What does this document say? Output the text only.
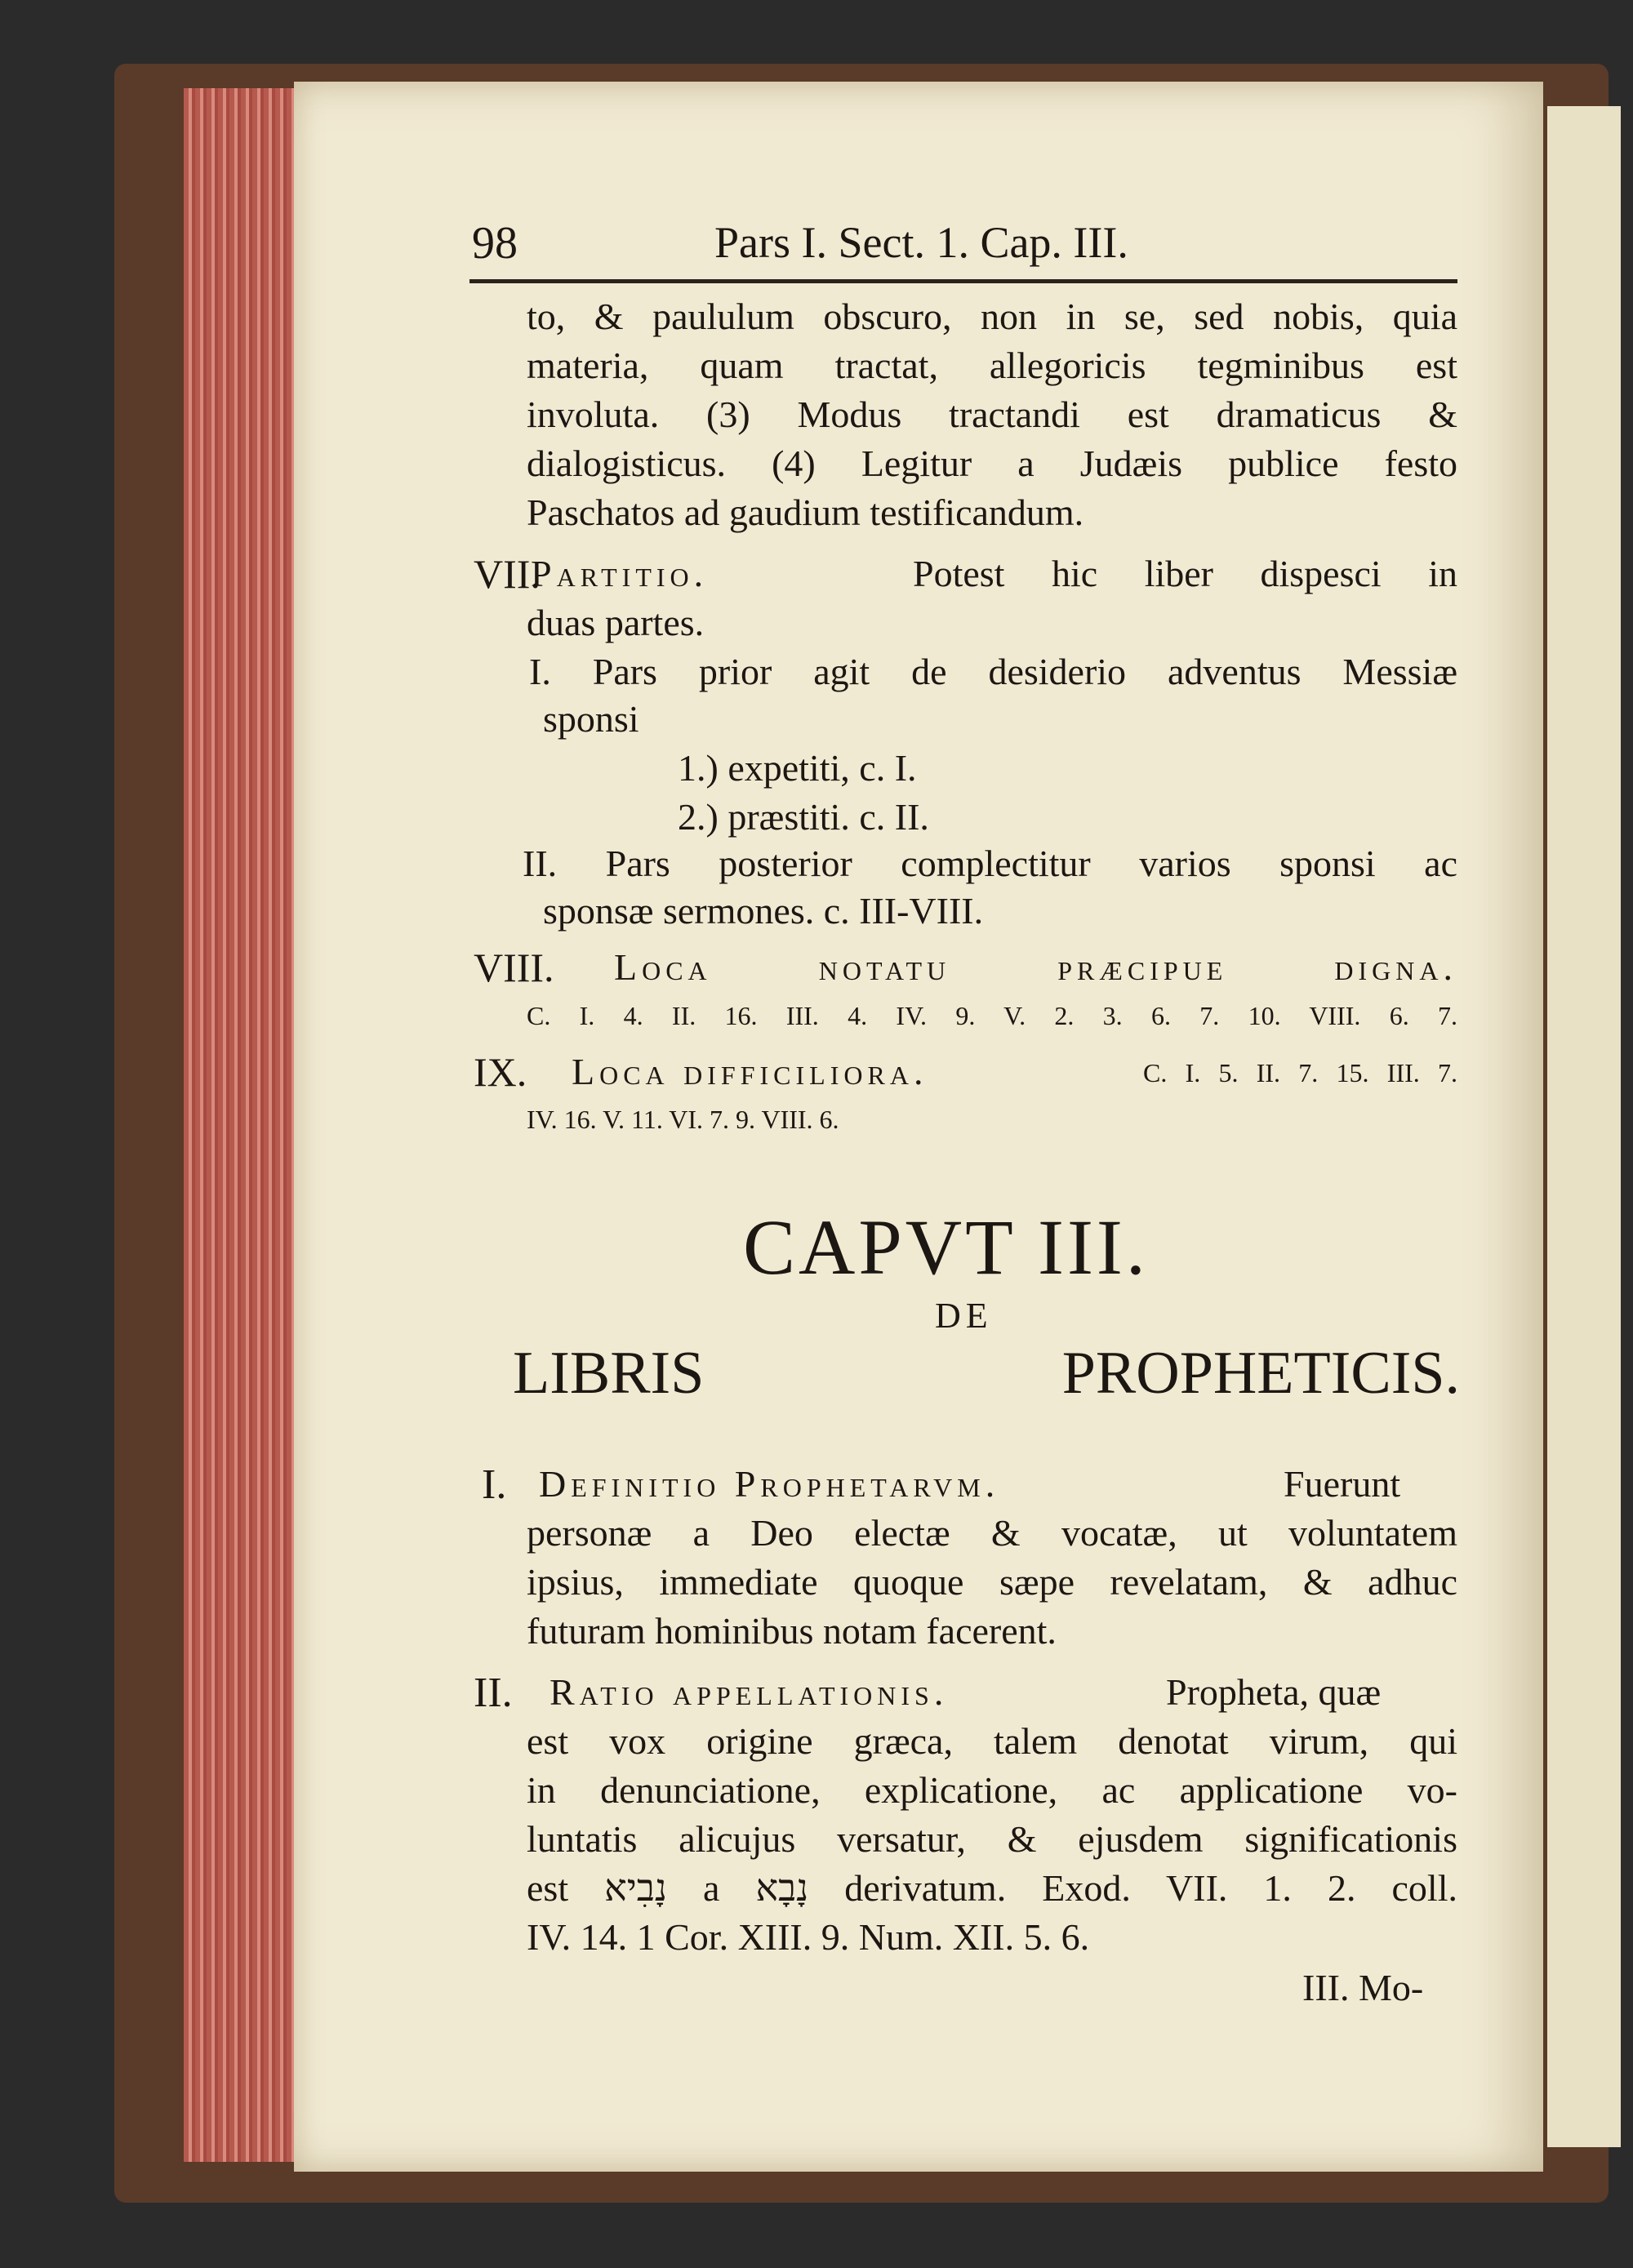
98	Pars I. Sect. 1. Cap. III.
to, & paululum obscuro, non in se, sed nobis, quia
materia, quam tractat, allegoricis tegminibus est
involuta. (3) Modus tractandi est dramaticus &
dialogisticus. (4) Legitur a Judæis publice festo
Paschatos ad gaudium testificandum.
VII.
Partitio.	Potest hic liber dispesci in
duas partes.
I. Pars prior agit de desiderio adventus Messiæ
sponsi
1.) expetiti, c. I.
2.) præstiti. c. II.
II. Pars posterior complectitur varios sponsi ac
sponsæ sermones. c. III-VIII.
VIII. Loca notatu præcipue digna.
C. I. 4. II. 16. III. 4. IV. 9. V. 2. 3. 6. 7. 10. VIII. 6. 7.
IX. Loca difficiliora.	C. I. 5. II. 7. 15. III. 7.
IV. 16. V. 11. VI. 7. 9. VIII. 6.
CAPVT III.
DE
LIBRIS PROPHETICIS.
I. Definitio Prophetarvm.	Fuerunt
personæ a Deo electæ & vocatæ, ut voluntatem
ipsius, immediate quoque sæpe revelatam, & adhuc
futuram hominibus notam facerent.
II. Ratio appellationis.	Propheta, quæ
est vox origine græca, talem denotat virum, qui
in denunciatione, explicatione, ac applicatione vo-
luntatis alicujus versatur, & ejusdem significationis
est נָבִיא a נָבָא derivatum. Exod. VII. 1. 2. coll.
IV. 14. 1 Cor. XIII. 9. Num. XII. 5. 6.
III. Mo-
